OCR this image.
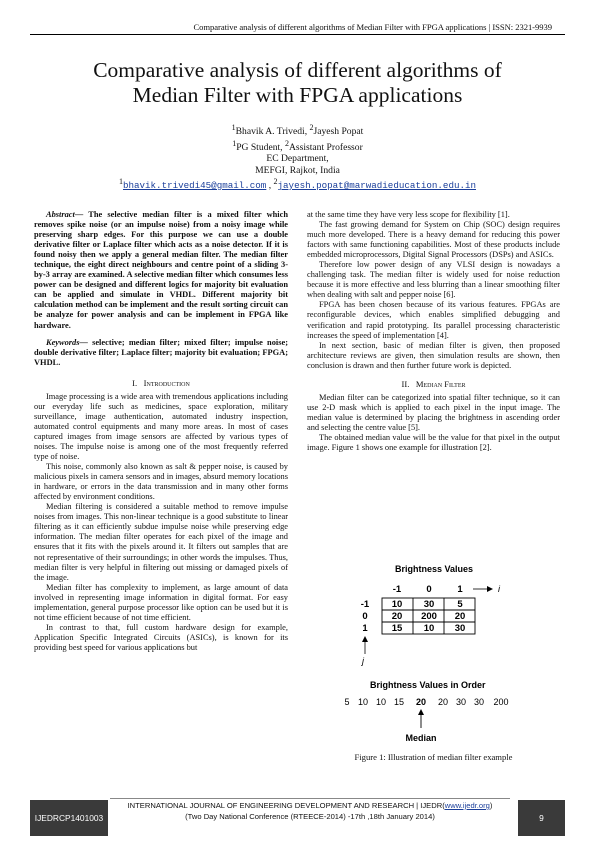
Comparative analysis of different algorithms of Median Filter with FPGA applications | ISSN: 2321-9939
Comparative analysis of different algorithms of
Median Filter with FPGA applications
$^1$Bhavik A. Trivedi, $^2$Jayesh Popat
$^1$PG Student, $^2$Assistant Professor
EC Department,
MEFGI, Rajkot, India
$^1$bhavik.trivedi45@gmail.com , $^2$jayesh.popat@marwadieducation.edu.in

Abstract— The selective median filter is a mixed filter which removes spike noise (or an impulse noise) from a noisy image while preserving sharp edges. For this purpose we can use a double derivative filter or Laplace filter which acts as a noise detector. If it is found noisy then we apply a general median filter. The median filter technique, the eight direct neighbours and centre point of a sliding 3-by-3 array are examined. A selective median filter which consumes less power can be designed and different logics for majority bit evaluation can be applied and simulate in VHDL. Different majority bit calculation method can be implement and the result sorting circuit can be analyze for power analysis and can be implement in FPGA like hardware.

Keywords— selective; median filter; mixed filter; impulse noise; double derivative filter; Laplace filter; majority bit evaluation; FPGA; VHDL.

I. Introduction

Image processing is a wide area with tremendous applications including our everyday life such as medicines, space exploration, military surveillance, image authentication, automated industry inspection, automated control equipments and many more areas. In most of cases captured images from image sensors are affected by various types of noises. The impulse noise is among one of the most frequently referred type of noise.

This noise, commonly also known as salt & pepper noise, is caused by malicious pixels in camera sensors and in images, absurd memory locations in hardware, or errors in the data transmission and in many other forms affected by environment conditions.

Median filtering is considered a suitable method to remove impulse noises from images. This non-linear technique is a good substitute to linear filtering as it can efficiently subdue impulse noise while preserving edge information. The median filter operates for each pixel of the image and ensures that it fits with the pixels around it. It filters out samples that are not representative of their surroundings; in other words the impulses. Thus, median filter is very helpful in filtering out missing or damaged pixels of the image.

Median filter has complexity to implement, as large amount of data involved in representing image information in digital format. For easy implementation, general purpose processor like option can be used but it is not time efficient because of not time efficient.

In contrast to that, full custom hardware design for example, Application Specific Integrated Circuits (ASICs), is known for its providing best speed for various applications but

at the same time they have very less scope for flexibility [1].

The fast growing demand for System on Chip (SOC) design requires much more developed. There is a heavy demand for reducing this power factors with same functioning capabilities. Most of these products include embedded microprocessors, Digital Signal Processors (DSPs) and ASICs.

Therefore low power design of any VLSI design is nowadays a challenging task. The median filter is widely used for noise reduction because it is more effective and less blurring than a linear smoothing filter when dealing with salt and pepper noise [6].

FPGA has been chosen because of its various features. FPGAs are reconfigurable devices, which enables simplified debugging and verification and rapid prototyping. Its parallel processing characteristic increases the speed of implementation [4].

In next section, basic of median filter is given, then proposed architecture reviews are given, then simulation results are shown, then conclusion is drawn and then further future work is depicted.

II. Median Filter

Median filter can be categorized into spatial filter technique, so it can use 2-D mask which is applied to each pixel in the input image. The median value is determined by placing the brightness in ascending order and selecting the centre value [5].

The obtained median value will be the value for that pixel in the output image. Figure 1 shows one example for illustration [2].

Brightness Values
-1	0	1	i
-1
0
1
10 30 5
20 200 20
15 10 30
j
Brightness Values in Order
5 10 10 15 20 20 30 30 200
Median
Figure 1: Illustration of median filter example
IJEDRCP1401003
INTERNATIONAL JOURNAL OF ENGINEERING DEVELOPMENT AND RESEARCH | IJEDR(www.ijedr.org)
(Two Day National Conference (RTEECE-2014) -17th ,18th January 2014)	9
